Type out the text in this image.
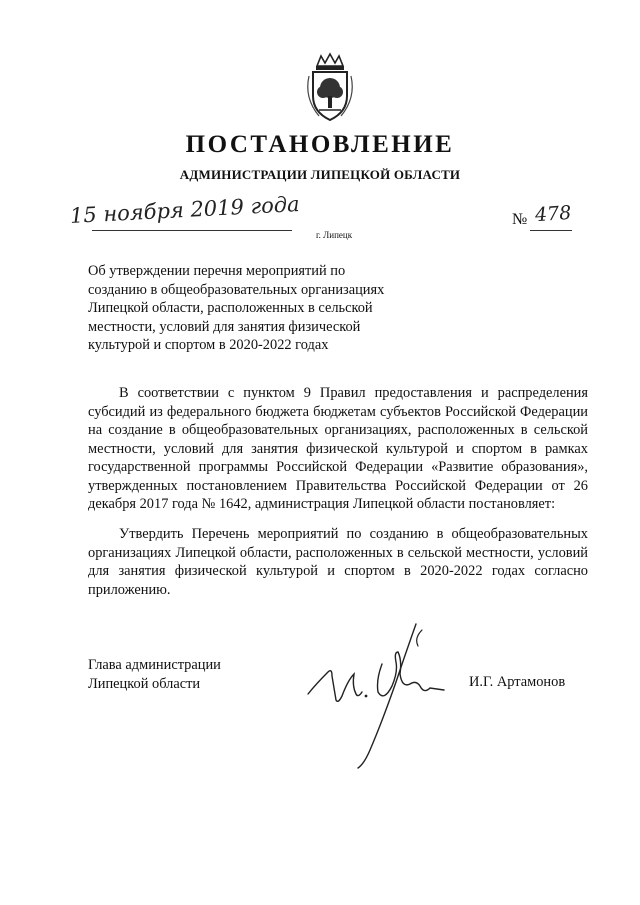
ПОСТАНОВЛЕНИЕ
АДМИНИСТРАЦИИ ЛИПЕЦКОЙ ОБЛАСТИ
15 ноября 2019 года
г. Липецк
№ 478
Об утверждении перечня мероприятий по
созданию в общеобразовательных организациях
Липецкой области, расположенных в сельской
местности, условий для занятия физической
культурой и спортом в 2020-2022 годах
В соответствии с пунктом 9 Правил предоставления и распределения субсидий из федерального бюджета бюджетам субъектов Российской Федерации на создание в общеобразовательных организациях, расположенных в сельской местности, условий для занятия физической культурой и спортом в рамках государственной программы Российской Федерации «Развитие образования», утвержденных постановлением Правительства Российской Федерации от 26 декабря 2017 года № 1642, администрация Липецкой области постановляет:
Утвердить Перечень мероприятий по созданию в общеобразовательных организациях Липецкой области, расположенных в сельской местности, условий для занятия физической культурой и спортом в 2020-2022 годах согласно приложению.
Глава администрации
Липецкой области	И.Г. Артамонов
